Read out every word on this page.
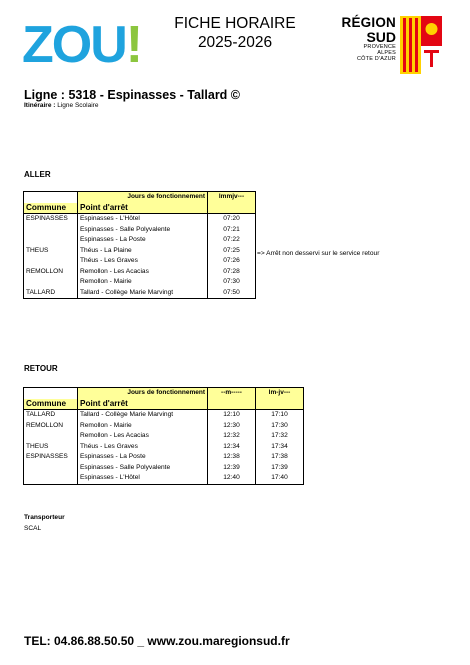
ZOU!	FICHE HORAIRE
2025-2026
RÉGION
SUD
PROVENCE
ALPES
CÔTE D'AZUR
Ligne : 5318 - Espinasses - Tallard ©
Itinéraire : Ligne Scolaire
ALLER
	Jours de fonctionnement	lmmjv---
Commune	Point d'arrêt	
ESPINASSES	Espinasses - L'Hôtel	07:20
	Espinasses - Salle Polyvalente	07:21
	Espinasses - La Poste	07:22
THEUS	Théus - La Plaine	07:25
	Théus - Les Graves	07:26
REMOLLON	Remollon - Les Acacias	07:28
	Remollon - Mairie	07:30
TALLARD	Tallard - Collège Marie Marvingt	07:50
=> Arrêt non desservi sur le service retour
RETOUR
	Jours de fonctionnement	--m-----	lm-jv---
Commune	Point d'arrêt		
TALLARD	Tallard - Collège Marie Marvingt	12:10	17:10
REMOLLON	Remollon - Mairie	12:30	17:30
	Remollon - Les Acacias	12:32	17:32
THEUS	Théus - Les Graves	12:34	17:34
ESPINASSES	Espinasses - La Poste	12:38	17:38
	Espinasses - Salle Polyvalente	12:39	17:39
	Espinasses - L'Hôtel	12:40	17:40
Transporteur
SCAL
TEL: 04.86.88.50.50 _ www.zou.maregionsud.fr
